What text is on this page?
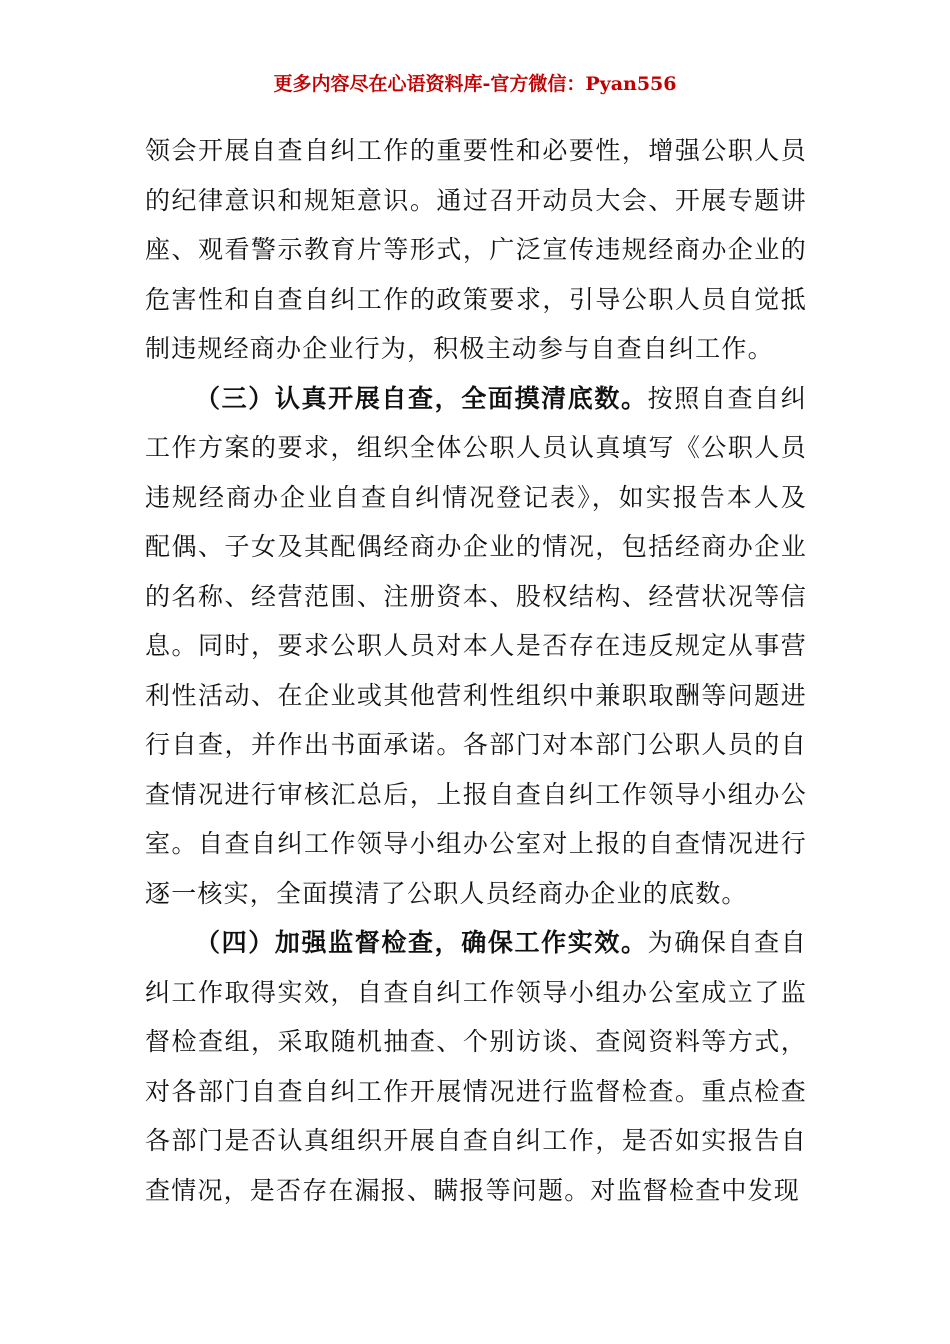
更多内容尽在心语资料库-官方微信：Pyan556

领会开展自查自纠工作的重要性和必要性，增强公职人员的纪律意识和规矩意识。通过召开动员大会、开展专题讲座、观看警示教育片等形式，广泛宣传违规经商办企业的危害性和自查自纠工作的政策要求，引导公职人员自觉抵制违规经商办企业行为，积极主动参与自查自纠工作。

（三）认真开展自查，全面摸清底数。按照自查自纠工作方案的要求，组织全体公职人员认真填写《公职人员违规经商办企业自查自纠情况登记表》，如实报告本人及配偶、子女及其配偶经商办企业的情况，包括经商办企业的名称、经营范围、注册资本、股权结构、经营状况等信息。同时，要求公职人员对本人是否存在违反规定从事营利性活动、在企业或其他营利性组织中兼职取酬等问题进行自查，并作出书面承诺。各部门对本部门公职人员的自查情况进行审核汇总后，上报自查自纠工作领导小组办公室。自查自纠工作领导小组办公室对上报的自查情况进行逐一核实，全面摸清了公职人员经商办企业的底数。

（四）加强监督检查，确保工作实效。为确保自查自纠工作取得实效，自查自纠工作领导小组办公室成立了监督检查组，采取随机抽查、个别访谈、查阅资料等方式，对各部门自查自纠工作开展情况进行监督检查。重点检查各部门是否认真组织开展自查自纠工作，是否如实报告自查情况，是否存在漏报、瞒报等问题。对监督检查中发现
